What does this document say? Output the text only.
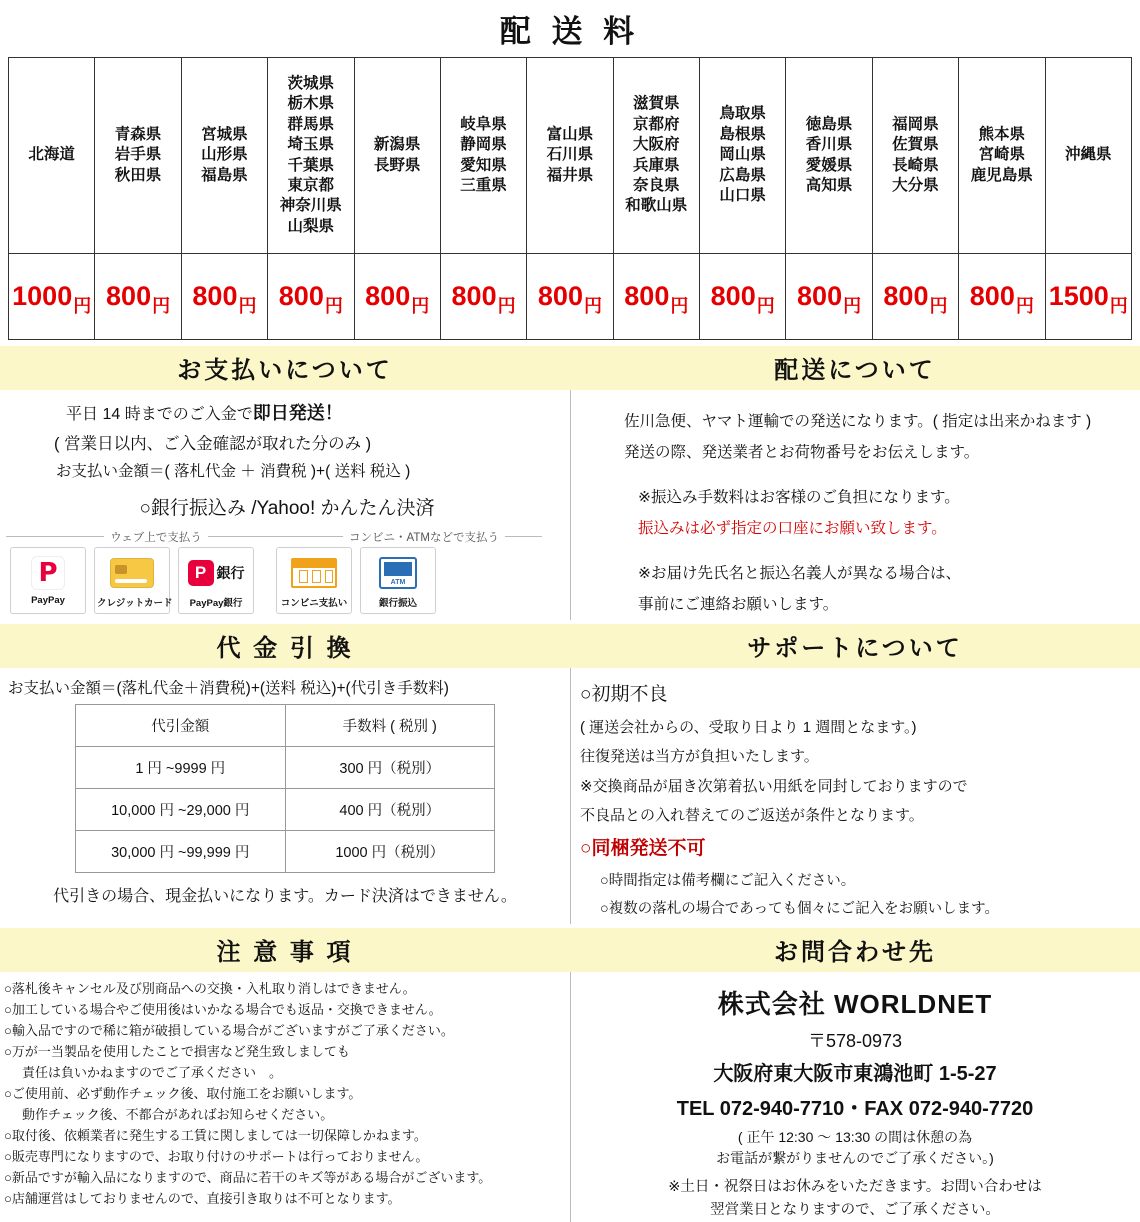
配 送 料
北海道

青森県
岩手県
秋田県

宮城県
山形県
福島県

茨城県
栃木県
群馬県
埼玉県
千葉県
東京都
神奈川県
山梨県

新潟県
長野県

岐阜県
静岡県
愛知県
三重県

富山県
石川県
福井県

滋賀県
京都府
大阪府
兵庫県
奈良県
和歌山県

鳥取県
島根県
岡山県
広島県
山口県

徳島県
香川県
愛媛県
高知県

福岡県
佐賀県
長崎県
大分県

熊本県
宮崎県
鹿児島県

沖縄県

1000円	800円	800円	800円	800円	800円	800円	800円	800円	800円	800円	800円	1500円
お支払いについて	配送について
平日 14 時までのご入金で即日発送！
( 営業日以内、ご入金確認が取れた分のみ )
お支払い金額＝( 落札代金 ＋ 消費税 )+( 送料 税込 )
○銀行振込み /Yahoo! かんたん決済
ウェブ上で支払う	コンビニ・ATMなどで支払う
P
PayPay	クレジットカード
P 銀行
PayPay銀行	コンビニ支払い
ATM
銀行振込
佐川急便、ヤマト運輸での発送になります。( 指定は出来かねます )
発送の際、発送業者とお荷物番号をお伝えします。
※振込み手数料はお客様のご負担になります。
振込みは必ず指定の口座にお願い致します。
※お届け先氏名と振込名義人が異なる場合は、
事前にご連絡お願いします。
代 金 引 換	サポートについて
お支払い金額＝(落札代金＋消費税)+(送料 税込)+(代引き手数料)
代引金額	手数料 ( 税別 )
1 円 ~9999 円	300 円（税別）
10,000 円 ~29,000 円	400 円（税別）
30,000 円 ~99,999 円	1000 円（税別）
代引きの場合、現金払いになります。カード決済はできません。
○初期不良
( 運送会社からの、受取り日より 1 週間となます。)
往復発送は当方が負担いたします。
※交換商品が届き次第着払い用紙を同封しておりますので
不良品との入れ替えてのご返送が条件となります。
○同梱発送不可
○時間指定は備考欄にご記入ください。
○複数の落札の場合であっても個々にご記入をお願いします。
注 意 事 項	お問合わせ先
○落札後キャンセル及び別商品への交換・入札取り消しはできません。
○加工している場合やご使用後はいかなる場合でも返品・交換できません。
○輸入品ですので稀に箱が破損している場合がございますがご了承ください。
○万が一当製品を使用したことで損害など発生致しましても
責任は負いかねますのでご了承ください　。
○ご使用前、必ず動作チェック後、取付施工をお願いします。
動作チェック後、不都合があればお知らせください。
○取付後、依頼業者に発生する工賃に関しましては一切保障しかねます。
○販売専門になりますので、お取り付けのサポートは行っておりません。
○新品ですが輸入品になりますので、商品に若干のキズ等がある場合がございます。
○店舗運営はしておりませんので、直接引き取りは不可となります。
株式会社 WORLDNET
〒578-0973
大阪府東大阪市東鴻池町 1-5-27
TEL 072-940-7710・FAX 072-940-7720
( 正午 12:30 ～ 13:30 の間は休憩の為
お電話が繋がりませんのでご了承ください。)
※土日・祝祭日はお休みをいただきます。お問い合わせは
翌営業日となりますので、ご了承ください。
